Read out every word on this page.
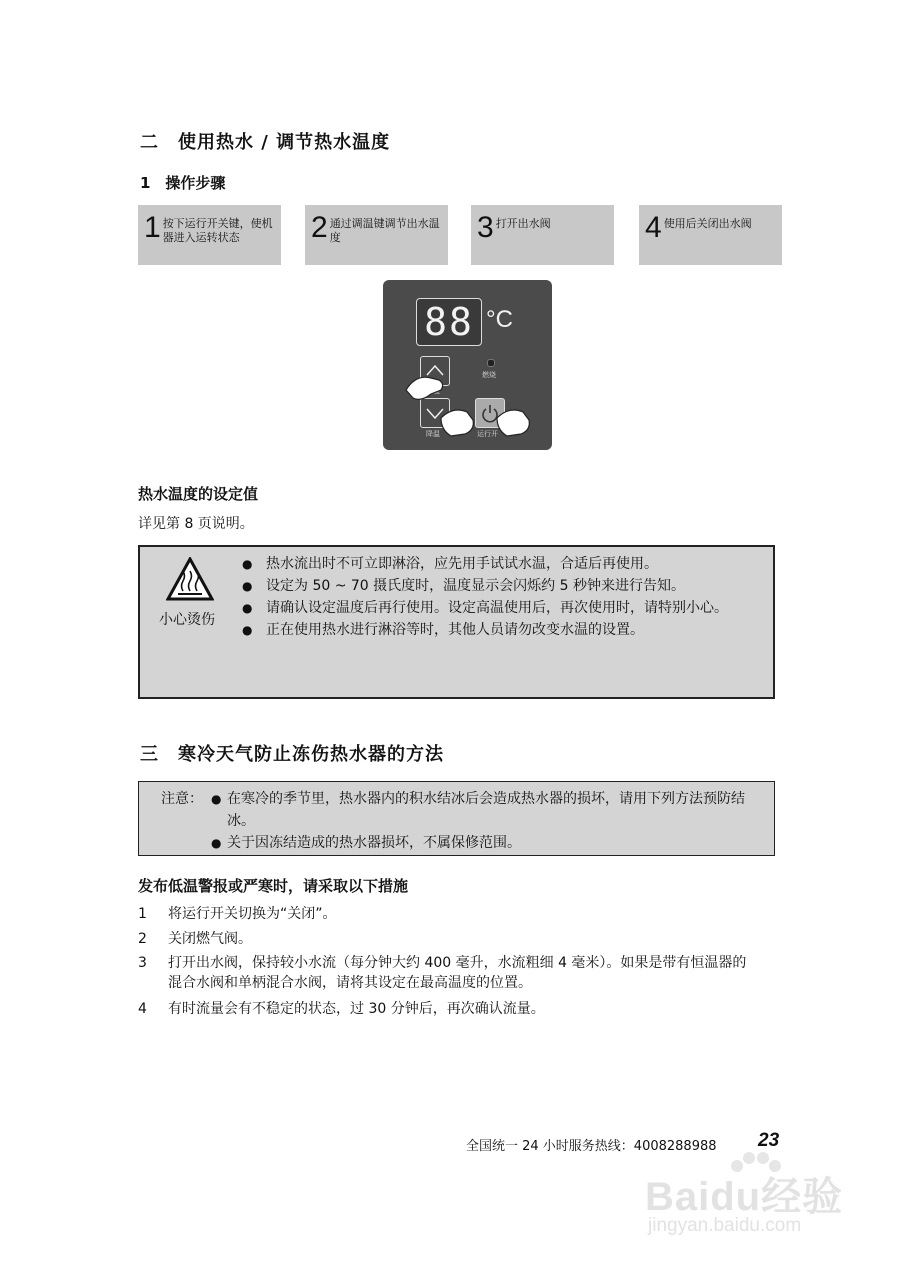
二　使用热水 / 调节热水温度
1　操作步骤
1 按下运行开关键，使机器进入运转状态	2 通过调温键调节出水温度	3 打开出水阀	4 使用后关闭出水阀
88 °C
燃烧
降温	运行开
热水温度的设定值
详见第 8 页说明。
小心烫伤
● 热水流出时不可立即淋浴，应先用手试试水温，合适后再使用。
● 设定为 50 ~ 70 摄氏度时，温度显示会闪烁约 5 秒钟来进行告知。
● 请确认设定温度后再行使用。设定高温使用后，再次使用时，请特别小心。
● 正在使用热水进行淋浴等时，其他人员请勿改变水温的设置。
三　寒冷天气防止冻伤热水器的方法
注意： ● 在寒冷的季节里，热水器内的积水结冰后会造成热水器的损坏，请用下列方法预防结冰。
● 关于因冻结造成的热水器损坏，不属保修范围。
发布低温警报或严寒时，请采取以下措施
1	将运行开关切换为“关闭”。
2	关闭燃气阀。
3	打开出水阀，保持较小水流（每分钟大约 400 毫升，水流粗细 4 毫米）。如果是带有恒温器的混合水阀和单柄混合水阀，请将其设定在最高温度的位置。
4	有时流量会有不稳定的状态，过 30 分钟后，再次确认流量。
全国统一 24 小时服务热线：4008288988 23
Baidu经验
jingyan.baidu.com
